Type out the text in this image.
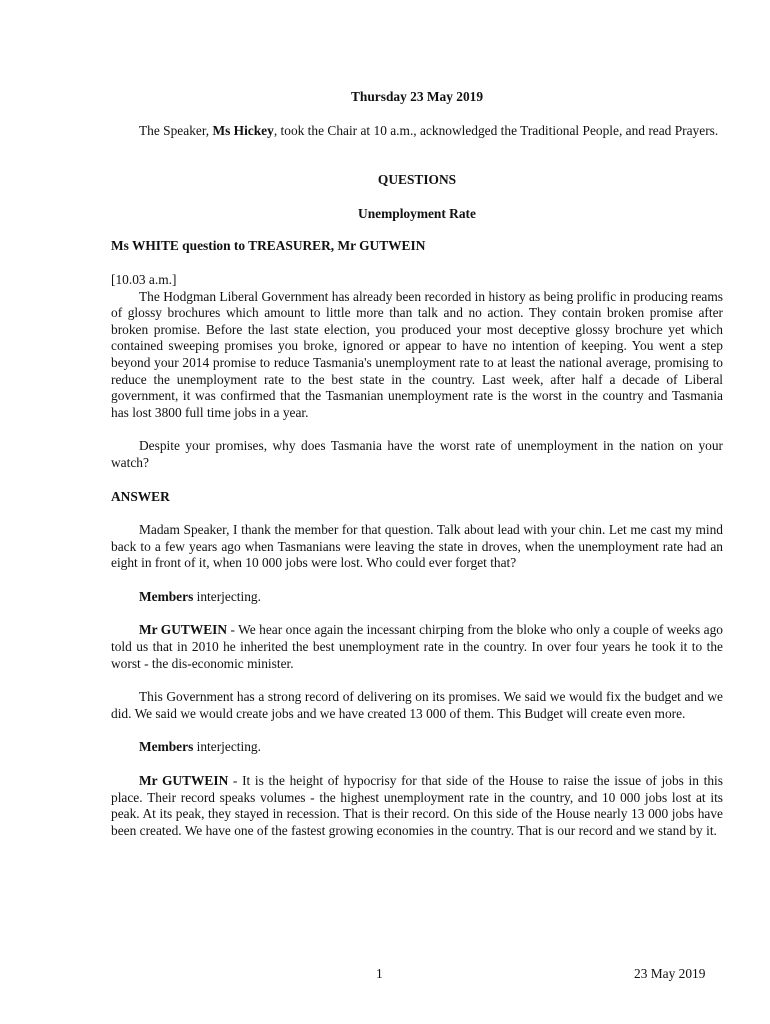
Thursday 23 May 2019

The Speaker, Ms Hickey, took the Chair at 10 a.m., acknowledged the Traditional People, and read Prayers.

QUESTIONS
Unemployment Rate

Ms WHITE question to TREASURER, Mr GUTWEIN

[10.03 a.m.]

The Hodgman Liberal Government has already been recorded in history as being prolific in producing reams of glossy brochures which amount to little more than talk and no action. They contain broken promise after broken promise. Before the last state election, you produced your most deceptive glossy brochure yet which contained sweeping promises you broke, ignored or appear to have no intention of keeping. You went a step beyond your 2014 promise to reduce Tasmania's unemployment rate to at least the national average, promising to reduce the unemployment rate to the best state in the country. Last week, after half a decade of Liberal government, it was confirmed that the Tasmanian unemployment rate is the worst in the country and Tasmania has lost 3800 full time jobs in a year.

Despite your promises, why does Tasmania have the worst rate of unemployment in the nation on your watch?

ANSWER

Madam Speaker, I thank the member for that question. Talk about lead with your chin. Let me cast my mind back to a few years ago when Tasmanians were leaving the state in droves, when the unemployment rate had an eight in front of it, when 10 000 jobs were lost. Who could ever forget that?

Members interjecting.

Mr GUTWEIN - We hear once again the incessant chirping from the bloke who only a couple of weeks ago told us that in 2010 he inherited the best unemployment rate in the country. In over four years he took it to the worst - the dis-economic minister.

This Government has a strong record of delivering on its promises. We said we would fix the budget and we did. We said we would create jobs and we have created 13 000 of them. This Budget will create even more.

Members interjecting.

Mr GUTWEIN - It is the height of hypocrisy for that side of the House to raise the issue of jobs in this place. Their record speaks volumes - the highest unemployment rate in the country, and 10 000 jobs lost at its peak. At its peak, they stayed in recession. That is their record. On this side of the House nearly 13 000 jobs have been created. We have one of the fastest growing economies in the country. That is our record and we stand by it.

1	23 May 2019
